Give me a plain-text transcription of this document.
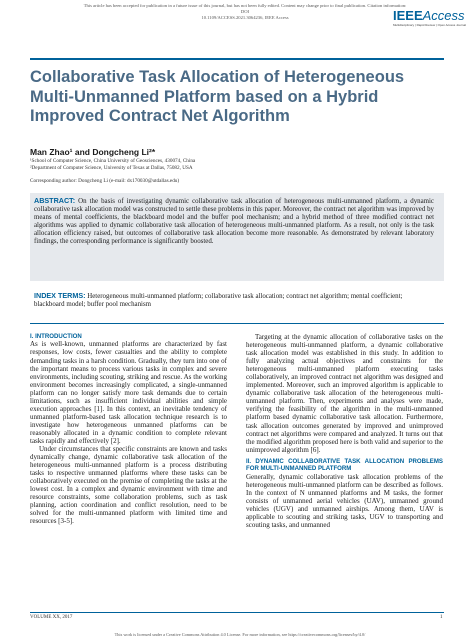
This article has been accepted for publication in a future issue of this journal, but has not been fully edited. Content may change prior to final publication. Citation information: DOI
10.1109/ACCESS.2021.3064236, IEEE Access	IEEEAccess
Multidisciplinary | Rapid Review | Open Access Journal
Collaborative Task Allocation of Heterogeneous Multi-Unmanned Platform based on a Hybrid Improved Contract Net Algorithm
Man Zhao¹ and Dongcheng Li²*
¹School of Computer Science, China University of Geosciences, 430074, China
²Department of Computer Science, University of Texas at Dallas, 75082, USA
Corresponding author: Dongcheng Li (e-mail: dx170030@utdallas.edu)
ABSTRACT: On the basis of investigating dynamic collaborative task allocation of heterogeneous multi-unmanned platform, a dynamic collaborative task allocation model was constructed to settle these problems in this paper. Moreover, the contract net algorithm was improved by means of mental coefficients, the blackboard model and the buffer pool mechanism; and a hybrid method of three modified contract net algorithms was applied to dynamic collaborative task allocation of heterogeneous multi-unmanned platform. As a result, not only is the task allocation efficiency raised, but outcomes of collaborative task allocation become more reasonable. As demonstrated by relevant laboratory findings, the corresponding performance is significantly boosted.
INDEX TERMS: Heterogeneous multi-unmanned platform; collaborative task allocation; contract net algorithm; mental coefficient; blackboard model; buffer pool mechanism
I. INTRODUCTION

As is well-known, unmanned platforms are characterized by fast responses, low costs, fewer casualties and the ability to complete demanding tasks in a harsh condition. Gradually, they turn into one of the important means to process various tasks in complex and severe environments, including scouting, striking and rescue. As the working environment becomes increasingly complicated, a single-unmanned platform can no longer satisfy more task demands due to certain limitations, such as insufficient individual abilities and simple execution approaches [1]. In this context, an inevitable tendency of unmanned platform-based task allocation technique research is to investigate how heterogeneous unmanned platforms can be reasonably allocated in a dynamic condition to complete relevant tasks rapidly and effectively [2].

Under circumstances that specific constraints are known and tasks dynamically change, dynamic collaborative task allocation of the heterogeneous multi-unmanned platform is a process distributing tasks to respective unmanned platforms where these tasks can be collaboratively executed on the premise of completing the tasks at the lowest cost. In a complex and dynamic environment with time and resource constraints, some collaboration problems, such as task planning, action coordination and conflict resolution, need to be solved for the multi-unmanned platform with limited time and resources [3-5].

Targeting at the dynamic allocation of collaborative tasks on the heterogeneous multi-unmanned platform, a dynamic collaborative task allocation model was established in this study. In addition to fully analyzing actual objectives and constraints for the heterogeneous multi-unmanned platform executing tasks collaboratively, an improved contract net algorithm was designed and implemented. Moreover, such an improved algorithm is applicable to dynamic collaborative task allocation of the heterogeneous multi-unmanned platform. Then, experiments and analyses were made, verifying the feasibility of the algorithm in the multi-unmanned platform based dynamic collaborative task allocation. Furthermore, task allocation outcomes generated by improved and unimproved contract net algorithms were compared and analyzed. It turns out that the modified algorithm proposed here is both valid and superior to the unimproved algorithm [6].

II. DYNAMIC COLLABORATIVE TASK ALLOCATION PROBLEMS FOR MULTI-UNMANNED PLATFORM

Generally, dynamic collaborative task allocation problems of the heterogeneous multi-unmanned platform can be described as follows. In the context of N unmanned platforms and M tasks, the former consists of unmanned aerial vehicles (UAV), unmanned ground vehicles (UGV) and unmanned airships. Among them, UAV is applicable to scouting and striking tasks, UGV to transporting and scouting tasks, and unmanned

VOLUME XX, 2017	1
This work is licensed under a Creative Commons Attribution 4.0 License. For more information, see https://creativecommons.org/licenses/by/4.0/
